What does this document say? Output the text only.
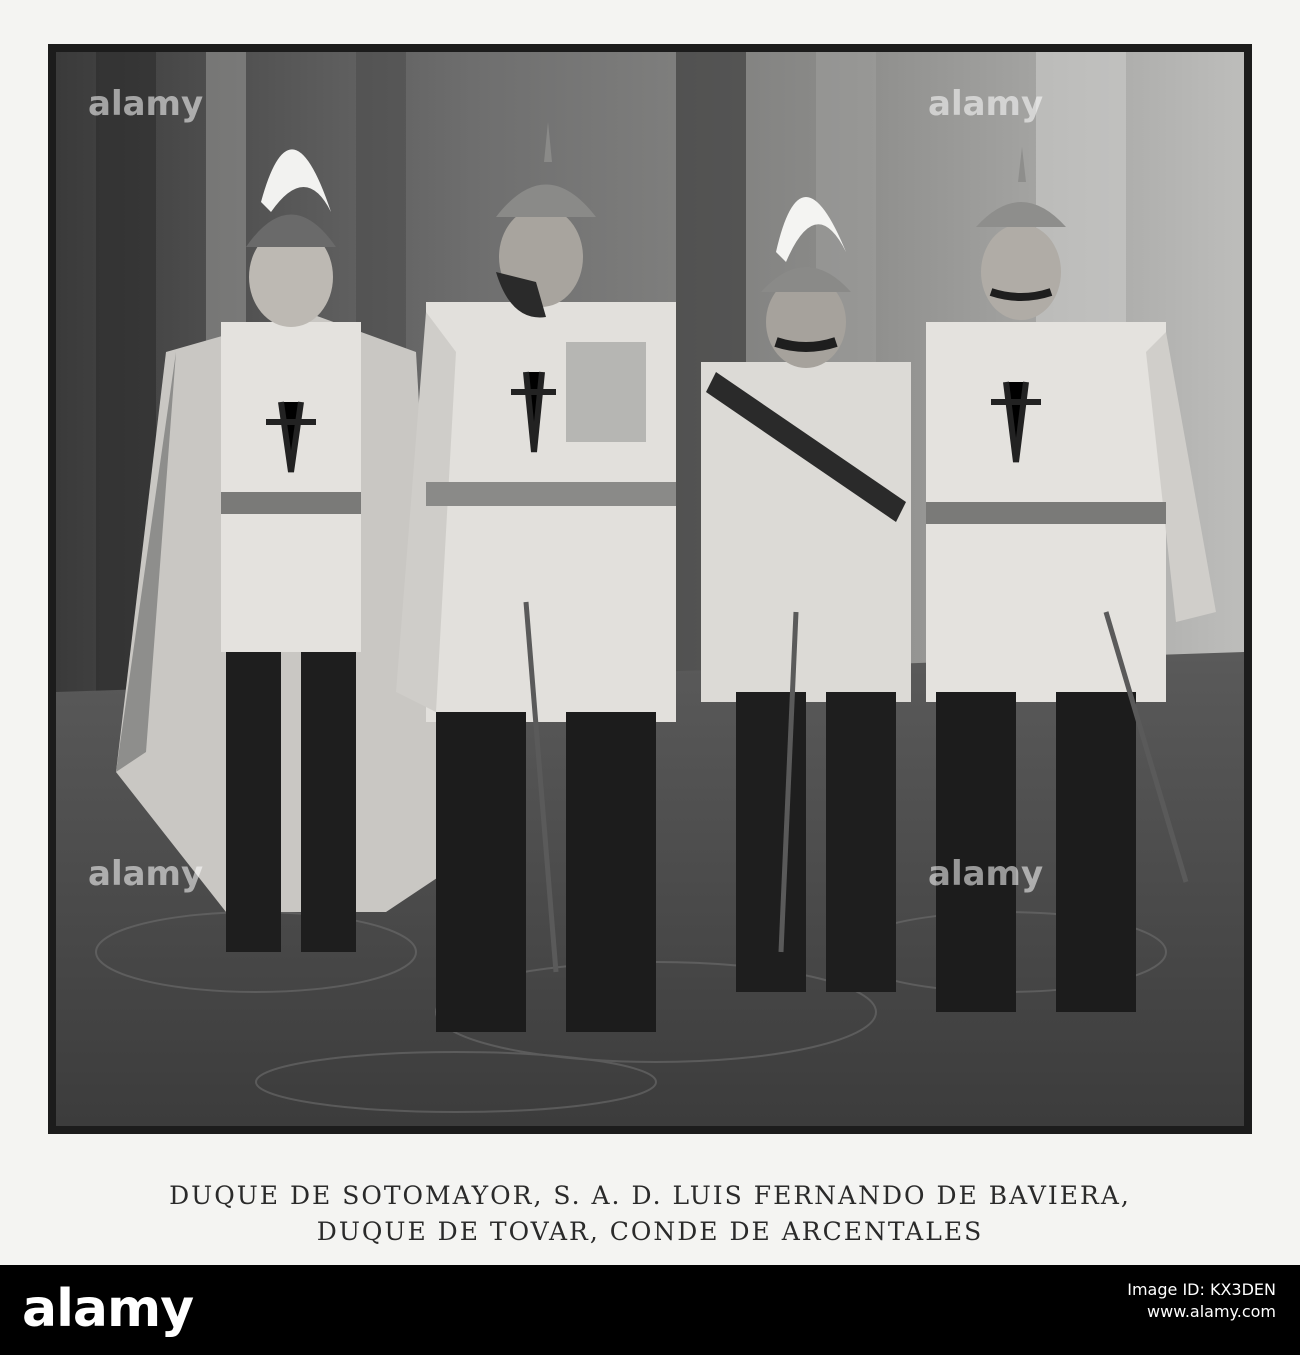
alamy	alamy
alamy	alamy
DUQUE DE SOTOMAYOR, S. A. D. LUIS FERNANDO DE BAVIERA,
DUQUE DE TOVAR, CONDE DE ARCENTALES
alamy	Image ID: KX3DEN
www.alamy.com
